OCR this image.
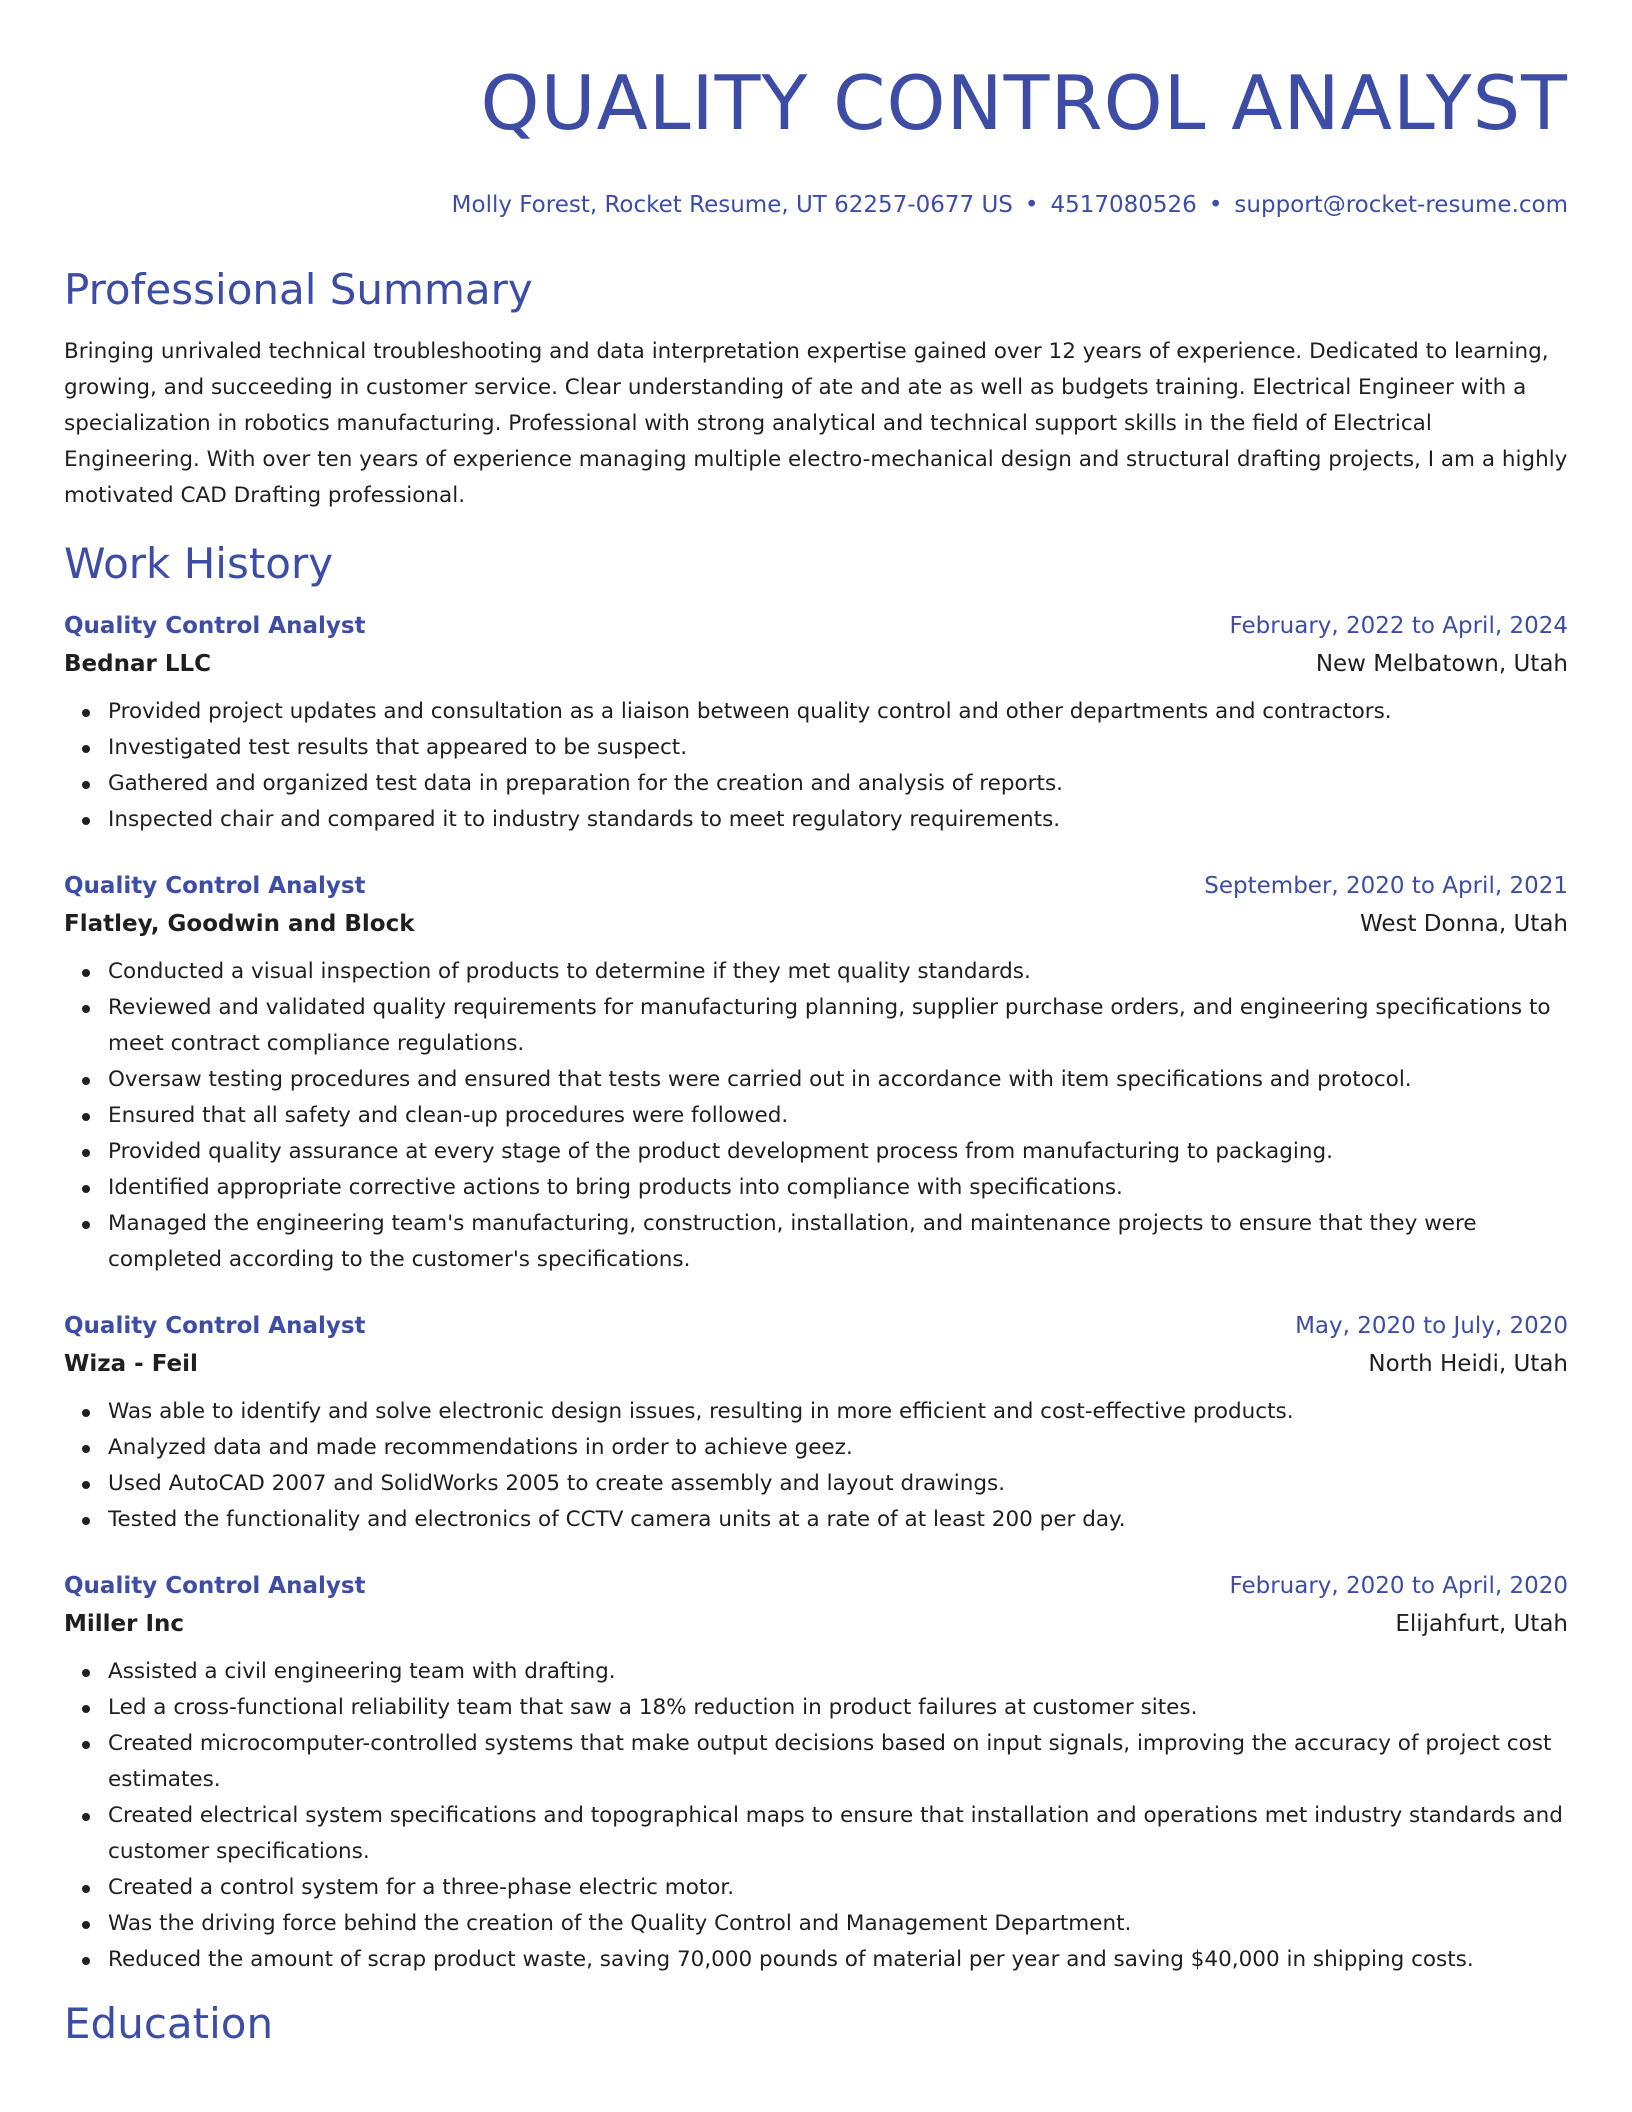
QUALITY CONTROL ANALYST
Molly Forest, Rocket Resume, UT 62257-0677 US • 4517080526 • support@rocket-resume.com
Professional Summary
Bringing unrivaled technical troubleshooting and data interpretation expertise gained over 12 years of experience. Dedicated to learning, growing, and succeeding in customer service. Clear understanding of ate and ate as well as budgets training. Electrical Engineer with a specialization in robotics manufacturing. Professional with strong analytical and technical support skills in the field of Electrical Engineering. With over ten years of experience managing multiple electro-mechanical design and structural drafting projects, I am a highly motivated CAD Drafting professional.
Work History
Quality Control Analyst	February, 2022 to April, 2024
Bednar LLC	New Melbatown, Utah
Provided project updates and consultation as a liaison between quality control and other departments and contractors.
Investigated test results that appeared to be suspect.
Gathered and organized test data in preparation for the creation and analysis of reports.
Inspected chair and compared it to industry standards to meet regulatory requirements.
Quality Control Analyst	September, 2020 to April, 2021
Flatley, Goodwin and Block	West Donna, Utah
Conducted a visual inspection of products to determine if they met quality standards.
Reviewed and validated quality requirements for manufacturing planning, supplier purchase orders, and engineering specifications to meet contract compliance regulations.
Oversaw testing procedures and ensured that tests were carried out in accordance with item specifications and protocol.
Ensured that all safety and clean-up procedures were followed.
Provided quality assurance at every stage of the product development process from manufacturing to packaging.
Identified appropriate corrective actions to bring products into compliance with specifications.
Managed the engineering team's manufacturing, construction, installation, and maintenance projects to ensure that they were completed according to the customer's specifications.
Quality Control Analyst	May, 2020 to July, 2020
Wiza - Feil	North Heidi, Utah
Was able to identify and solve electronic design issues, resulting in more efficient and cost-effective products.
Analyzed data and made recommendations in order to achieve geez.
Used AutoCAD 2007 and SolidWorks 2005 to create assembly and layout drawings.
Tested the functionality and electronics of CCTV camera units at a rate of at least 200 per day.
Quality Control Analyst	February, 2020 to April, 2020
Miller Inc	Elijahfurt, Utah
Assisted a civil engineering team with drafting.
Led a cross-functional reliability team that saw a 18% reduction in product failures at customer sites.
Created microcomputer-controlled systems that make output decisions based on input signals, improving the accuracy of project cost estimates.
Created electrical system specifications and topographical maps to ensure that installation and operations met industry standards and customer specifications.
Created a control system for a three-phase electric motor.
Was the driving force behind the creation of the Quality Control and Management Department.
Reduced the amount of scrap product waste, saving 70,000 pounds of material per year and saving $40,000 in shipping costs.
Education
